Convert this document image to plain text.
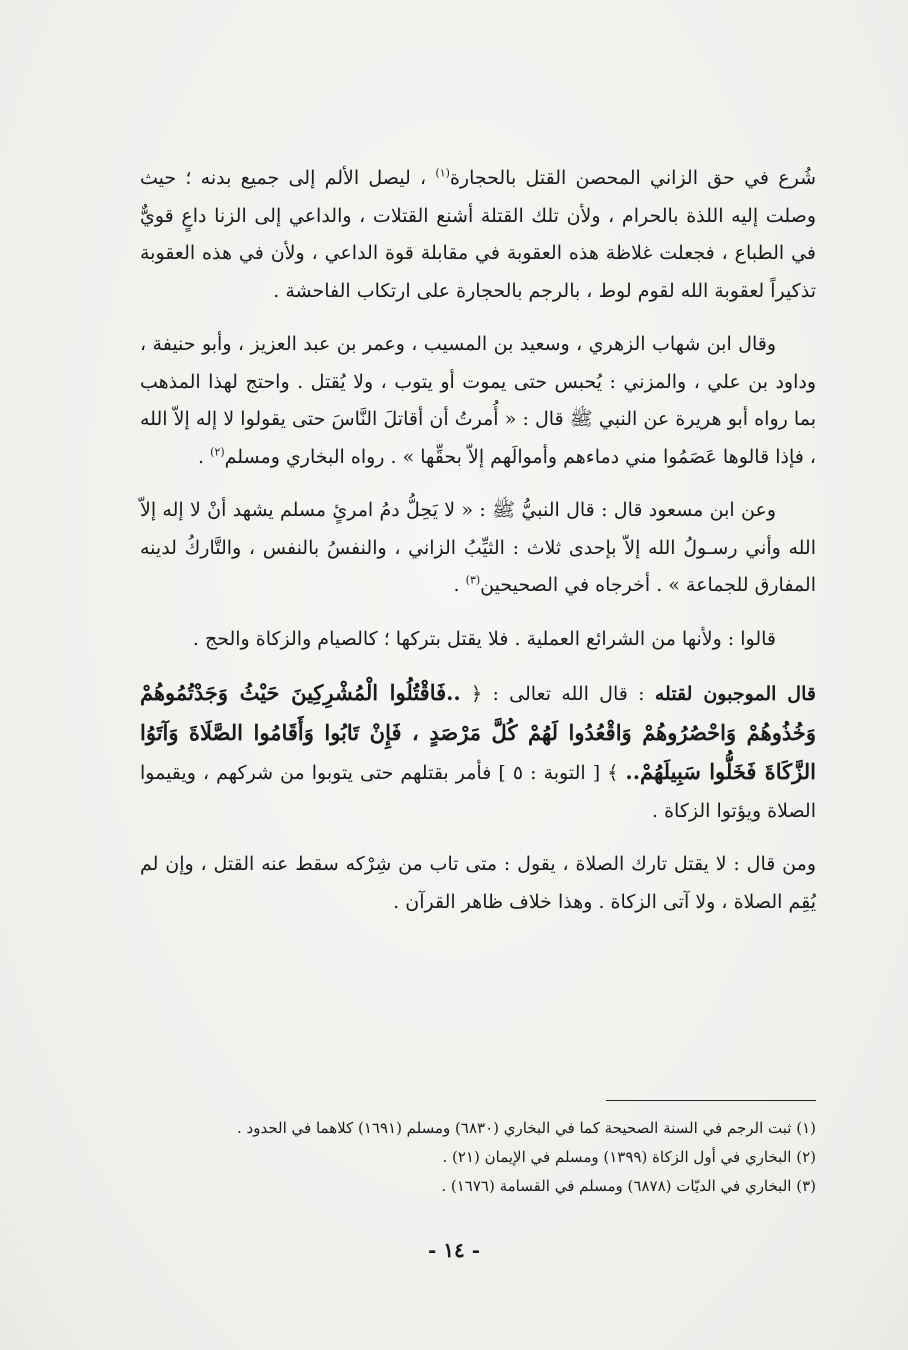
شُرع في حق الزاني المحصن القتل بالحجارة$^{(١)}$ ، ليصل الألم إلى جميع بدنه ؛ حيث وصلت إليه اللذة بالحرام ، ولأن تلك القتلة أشنع القتلات ، والداعي إلى الزنا داعٍ قويٌّ في الطباع ، فجعلت غلاظة هذه العقوبة في مقابلة قوة الداعي ، ولأن في هذه العقوبة تذكيراً لعقوبة الله لقوم لوط ، بالرجم بالحجارة على ارتكاب الفاحشة .

وقال ابن شهاب الزهري ، وسعيد بن المسيب ، وعمر بن عبد العزيز ، وأبو حنيفة ، وداود بن علي ، والمزني : يُحبس حتى يموت أو يتوب ، ولا يُقتل . واحتج لهذا المذهب بما رواه أبو هريرة عن النبي ﷺ قال : « أُمرتُ أن أقاتلَ النَّاسَ حتى يقولوا لا إله إلاّ الله ، فإذا قالوها عَصَمُوا مني دماءهم وأموالَهم إلاّ بحقِّها » . رواه البخاري ومسلم$^{(٢)}$ .

وعن ابن مسعود قال : قال النبيُّ ﷺ : « لا يَحِلُّ دمُ امرئٍ مسلم يشهد أنْ لا إله إلاّ الله وأني رسـولُ الله إلاّ بإحدى ثلاث : الثيِّبُ الزاني ، والنفسُ بالنفس ، والتَّاركُ لدينه المفارق للجماعة » . أخرجاه في الصحيحين$^{(٣)}$ .

قالوا : ولأنها من الشرائع العملية . فلا يقتل بتركها ؛ كالصيام والزكاة والحج .

قال الموجبون لقتله : قال الله تعالى : ﴿ ..فَاقْتُلُوا الْمُشْرِكِينَ حَيْثُ وَجَدْتُمُوهُمْ وَخُذُوهُمْ وَاحْصُرُوهُمْ وَاقْعُدُوا لَهُمْ كُلَّ مَرْصَدٍ ، فَإِنْ تَابُوا وَأَقَامُوا الصَّلَاةَ وَآتَوُا الزَّكَاةَ فَخَلُّوا سَبِيلَهُمْ.. ﴾ [ التوبة : ٥ ] فأمر بقتلهم حتى يتوبوا من شركهم ، ويقيموا الصلاة ويؤتوا الزكاة .

ومن قال : لا يقتل تارك الصلاة ، يقول : متى تاب من شِرْكه سقط عنه القتل ، وإن لم يُقِم الصلاة ، ولا آتى الزكاة . وهذا خلاف ظاهر القرآن .

(١) ثبت الرجم في السنة الصحيحة كما في البخاري (٦٨٣٠) ومسلم (١٦٩١) كلاهما في الحدود .

(٢) البخاري في أول الزكاة (١٣٩٩) ومسلم في الإيمان (٢١) .

(٣) البخاري في الديّات (٦٨٧٨) ومسلم في القسامة (١٦٧٦) .

- ١٤ -
